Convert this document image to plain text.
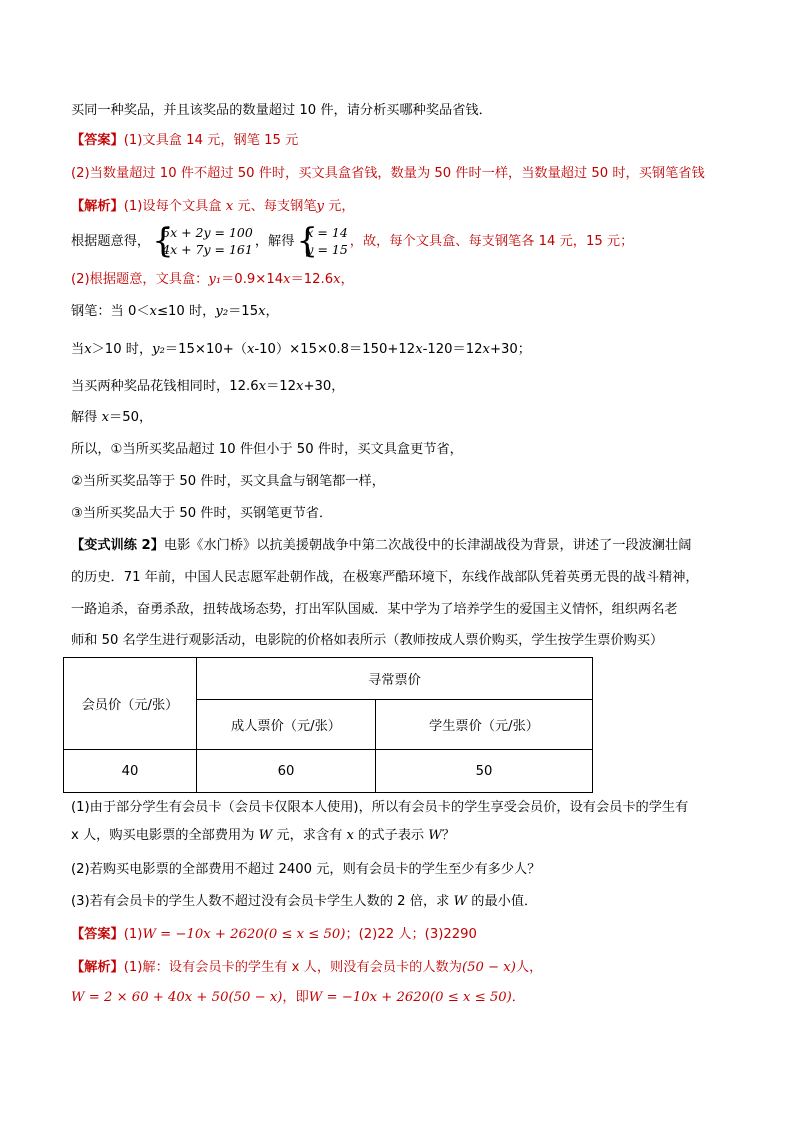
买同一种奖品，并且该奖品的数量超过 10 件，请分析买哪种奖品省钱．
【答案】(1)文具盒 14 元，钢笔 15 元
(2)当数量超过 10 件不超过 50 件时，买文具盒省钱，数量为 50 件时一样，当数量超过 50 时，买钢笔省钱
【解析】(1)设每个文具盒 x 元、每支钢笔y 元，
根据题意得， {
5x + 2y = 100
4x + 7y = 161
，解得 {
x = 14
y = 15
，故，每个文具盒、每支钢笔各 14 元，15 元；
(2)根据题意，文具盒：y₁＝0.9×14x＝12.6x，
钢笔：当 0＜x≤10 时，y₂＝15x，
当x＞10 时，y₂＝15×10+（x-10）×15×0.8＝150+12x-120＝12x+30；
当买两种奖品花钱相同时，12.6x＝12x+30，
解得 x＝50，
所以，①当所买奖品超过 10 件但小于 50 件时，买文具盒更节省，
②当所买奖品等于 50 件时，买文具盒与钢笔都一样，
③当所买奖品大于 50 件时，买钢笔更节省．
【变式训练 2】电影《水门桥》以抗美援朝战争中第二次战役中的长津湖战役为背景，讲述了一段波澜壮阔
的历史．71 年前，中国人民志愿军赴朝作战，在极寒严酷环境下，东线作战部队凭着英勇无畏的战斗精神，
一路追杀，奋勇杀敌，扭转战场态势，打出军队国威．某中学为了培养学生的爱国主义情怀，组织两名老
师和 50 名学生进行观影活动，电影院的价格如表所示（教师按成人票价购买，学生按学生票价购买）
会员价（元/张）	寻常票价	
	成人票价（元/张）	学生票价（元/张）
40	60	50
(1)由于部分学生有会员卡（会员卡仅限本人使用)，所以有会员卡的学生享受会员价，设有会员卡的学生有
x 人，购买电影票的全部费用为 W 元，求含有 x 的式子表示 W？
(2)若购买电影票的全部费用不超过 2400 元，则有会员卡的学生至少有多少人？
(3)若有会员卡的学生人数不超过没有会员卡学生人数的 2 倍，求 W 的最小值．
【答案】(1)W = −10x + 2620(0 ≤ x ≤ 50)；(2)22 人；(3)2290
【解析】(1)解：设有会员卡的学生有 x 人，则没有会员卡的人数为(50 − x)人，
W = 2 × 60 + 40x + 50(50 − x)，即W = −10x + 2620(0 ≤ x ≤ 50)．
